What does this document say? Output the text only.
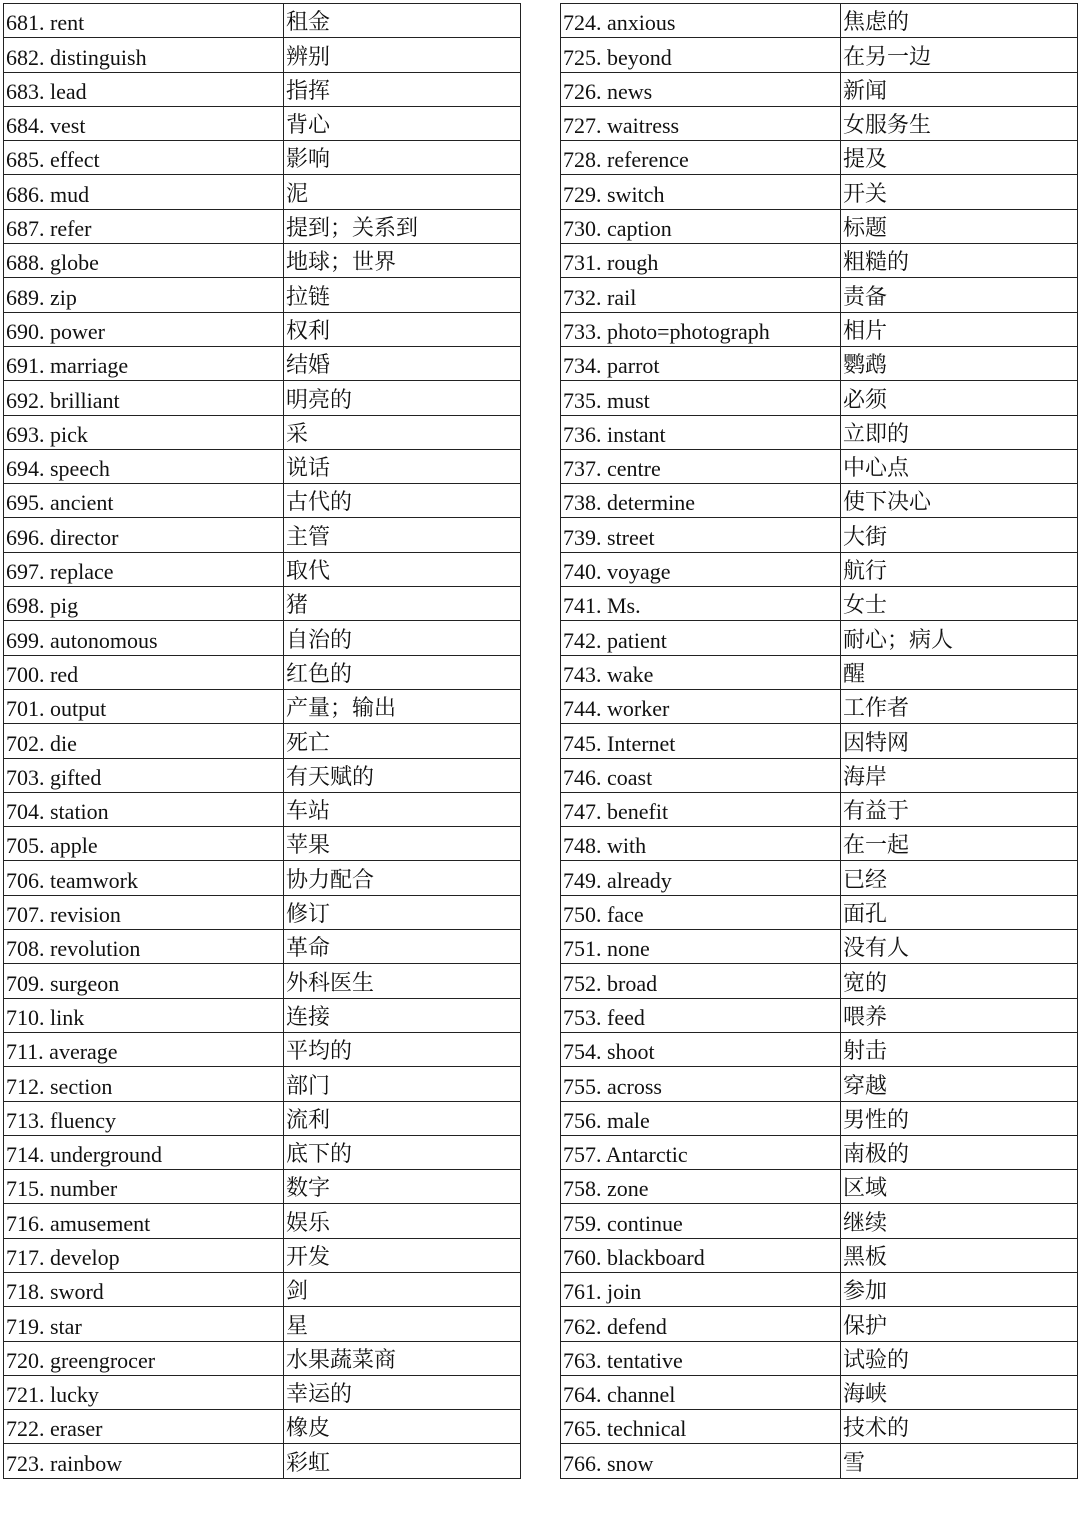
681. rent	租金
682. distinguish	辨别
683. lead	指挥
684. vest	背心
685. effect	影响
686. mud	泥
687. refer	提到；关系到
688. globe	地球；世界
689. zip	拉链
690. power	权利
691. marriage	结婚
692. brilliant	明亮的
693. pick	采
694. speech	说话
695. ancient	古代的
696. director	主管
697. replace	取代
698. pig	猪
699. autonomous	自治的
700. red	红色的
701. output	产量；输出
702. die	死亡
703. gifted	有天赋的
704. station	车站
705. apple	苹果
706. teamwork	协力配合
707. revision	修订
708. revolution	革命
709. surgeon	外科医生
710. link	连接
711. average	平均的
712. section	部门
713. fluency	流利
714. underground	底下的
715. number	数字
716. amusement	娱乐
717. develop	开发
718. sword	剑
719. star	星
720. greengrocer	水果蔬菜商
721. lucky	幸运的
722. eraser	橡皮
723. rainbow	彩虹
724. anxious	焦虑的
725. beyond	在另一边
726. news	新闻
727. waitress	女服务生
728. reference	提及
729. switch	开关
730. caption	标题
731. rough	粗糙的
732. rail	责备
733. photo=photograph	相片
734. parrot	鹦鹉
735. must	必须
736. instant	立即的
737. centre	中心点
738. determine	使下决心
739. street	大街
740. voyage	航行
741. Ms.	女士
742. patient	耐心；病人
743. wake	醒
744. worker	工作者
745. Internet	因特网
746. coast	海岸
747. benefit	有益于
748. with	在一起
749. already	已经
750. face	面孔
751. none	没有人
752. broad	宽的
753. feed	喂养
754. shoot	射击
755. across	穿越
756. male	男性的
757. Antarctic	南极的
758. zone	区域
759. continue	继续
760. blackboard	黑板
761. join	参加
762. defend	保护
763. tentative	试验的
764. channel	海峡
765. technical	技术的
766. snow	雪
